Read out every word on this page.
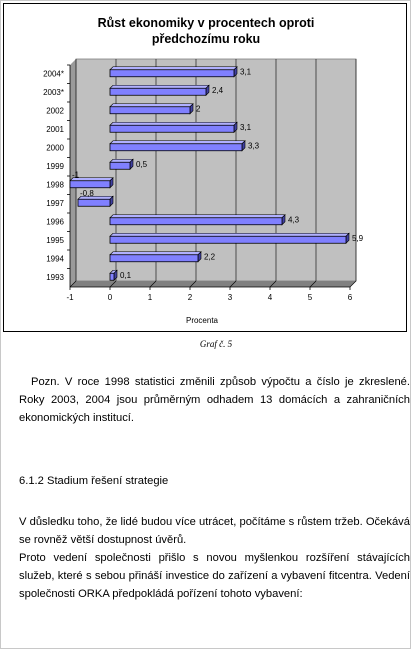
Růst ekonomiky v procentech oproti
předchozímu roku
-1	0	1	2	3	4	5	6
Procenta
2004*	3,1
2003*	2,4
2002	2
2001	3,1
2000	3,3
1999	0,5
1998
-1
1997
-0,8
1996	4,3
1995	5,9
1994	2,2
1993	0,1
Graf č. 5
Pozn. V roce 1998 statistici změnili způsob výpočtu a číslo je zkreslené. Roky 2003, 2004 jsou průměrným odhadem 13 domácích a zahraničních ekonomických institucí.
6.1.2 Stadium řešení strategie
V důsledku toho, že lidé budou více utrácet, počítáme s růstem tržeb. Očekává se rovněž větší dostupnost úvěrů.
Proto vedení společnosti přišlo s novou myšlenkou rozšíření stávajících služeb, které s sebou přináší investice do zařízení a vybavení fitcentra. Vedení společnosti ORKA předpokládá pořízení tohoto vybavení:
